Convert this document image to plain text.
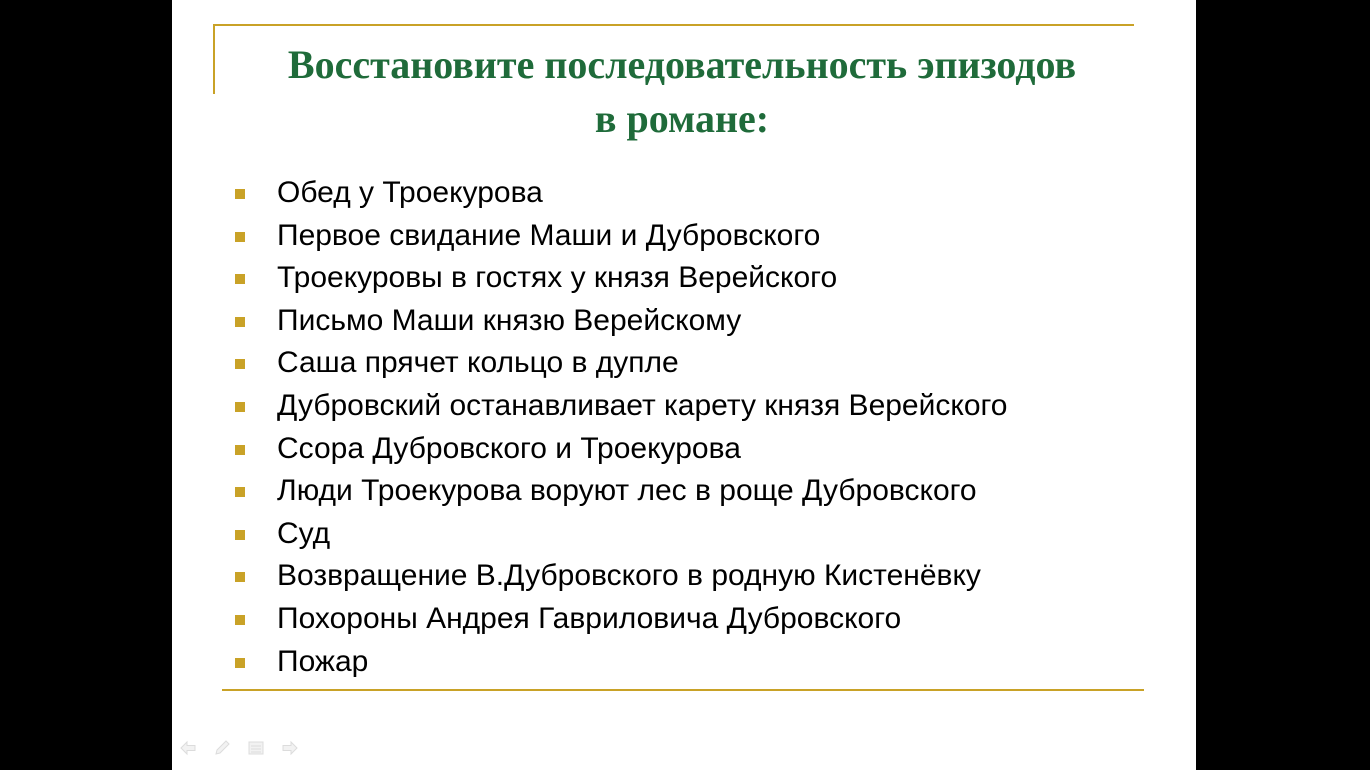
Восстановите последовательность эпизодов
в романе:
Обед у Троекурова
Первое свидание Маши и Дубровского
Троекуровы в гостях у князя Верейского
Письмо Маши князю Верейскому
Саша прячет кольцо в дупле
Дубровский останавливает карету князя Верейского
Ссора Дубровского и Троекурова
Люди Троекурова воруют лес в роще Дубровского
Суд
Возвращение В.Дубровского в родную Кистенёвку
Похороны Андрея Гавриловича Дубровского
Пожар
